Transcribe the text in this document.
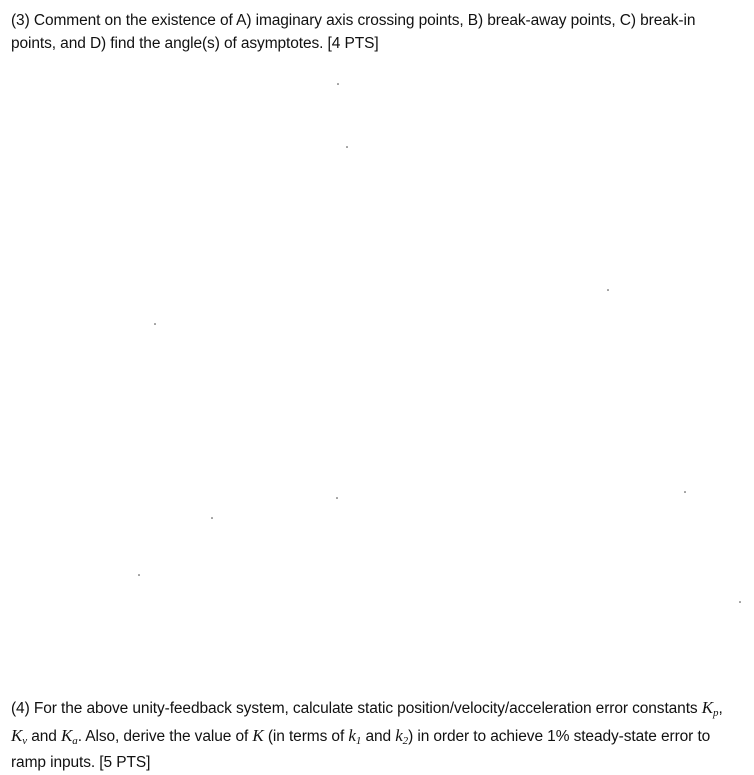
(3) Comment on the existence of A) imaginary axis crossing points, B) break-away points, C) break-in points, and D) find the angle(s) of asymptotes. [4 PTS]

(4) For the above unity-feedback system, calculate static position/velocity/acceleration error constants $K_p$, $K_v$ and $K_a$. Also, derive the value of K (in terms of $k_1$ and $k_2$) in order to achieve 1% steady-state error to ramp inputs. [5 PTS]
